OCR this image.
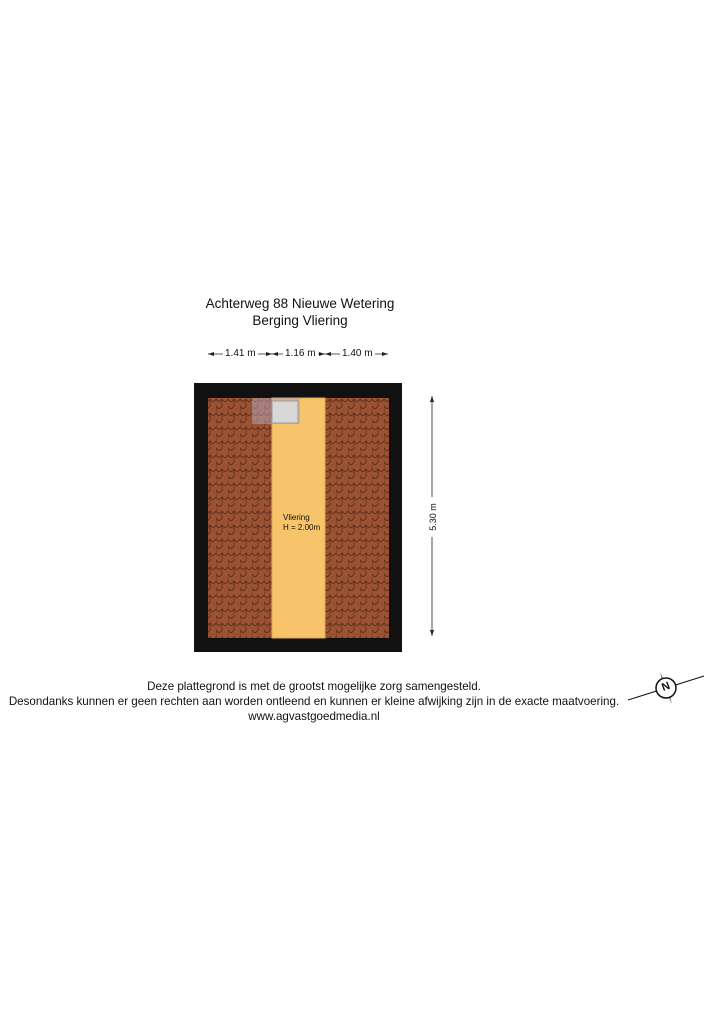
Achterweg 88 Nieuwe Wetering
Berging Vliering
1.41 m	1.16 m	1.40 m
5.30 m
Vliering
H = 2.00m
N
Deze plattegrond is met de grootst mogelijke zorg samengesteld.
Desondanks kunnen er geen rechten aan worden ontleend en kunnen er kleine afwijking zijn in de exacte maatvoering.
www.agvastgoedmedia.nl
